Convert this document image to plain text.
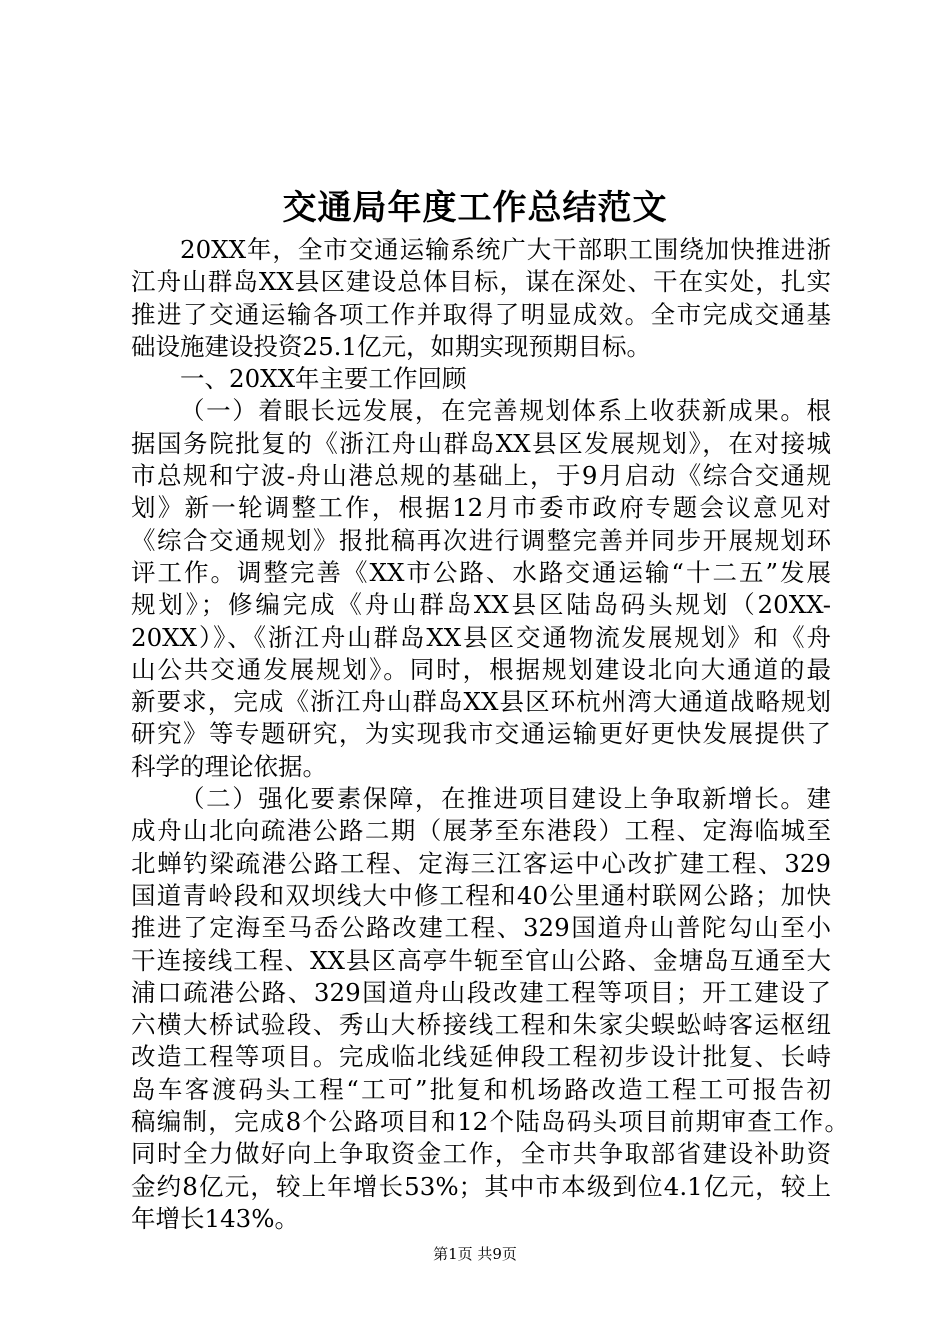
交通局年度工作总结范文
20XX年，全市交通运输系统广大干部职工围绕加快推进浙
江舟山群岛XX县区建设总体目标，谋在深处、干在实处，扎实
推进了交通运输各项工作并取得了明显成效。全市完成交通基
础设施建设投资25.1亿元，如期实现预期目标。
一、20XX年主要工作回顾
（一）着眼长远发展，在完善规划体系上收获新成果。根
据国务院批复的《浙江舟山群岛XX县区发展规划》，在对接城
市总规和宁波-舟山港总规的基础上，于9月启动《综合交通规
划》新一轮调整工作，根据12月市委市政府专题会议意见对
《综合交通规划》报批稿再次进行调整完善并同步开展规划环
评工作。调整完善《XX市公路、水路交通运输“十二五”发展
规划》；修编完成《舟山群岛XX县区陆岛码头规划（20XX-
20XX）》、《浙江舟山群岛XX县区交通物流发展规划》和《舟
山公共交通发展规划》。同时，根据规划建设北向大通道的最
新要求，完成《浙江舟山群岛XX县区环杭州湾大通道战略规划
研究》等专题研究，为实现我市交通运输更好更快发展提供了
科学的理论依据。
（二）强化要素保障，在推进项目建设上争取新增长。建
成舟山北向疏港公路二期（展茅至东港段）工程、定海临城至
北蝉钓梁疏港公路工程、定海三江客运中心改扩建工程、329
国道青岭段和双坝线大中修工程和40公里通村联网公路；加快
推进了定海至马岙公路改建工程、329国道舟山普陀勾山至小
干连接线工程、XX县区高亭牛轭至官山公路、金塘岛互通至大
浦口疏港公路、329国道舟山段改建工程等项目；开工建设了
六横大桥试验段、秀山大桥接线工程和朱家尖蜈蚣峙客运枢纽
改造工程等项目。完成临北线延伸段工程初步设计批复、长峙
岛车客渡码头工程“工可”批复和机场路改造工程工可报告初
稿编制，完成8个公路项目和12个陆岛码头项目前期审查工作。
同时全力做好向上争取资金工作，全市共争取部省建设补助资
金约8亿元，较上年增长53%；其中市本级到位4.1亿元，较上
年增长143%。
第1页 共9页
